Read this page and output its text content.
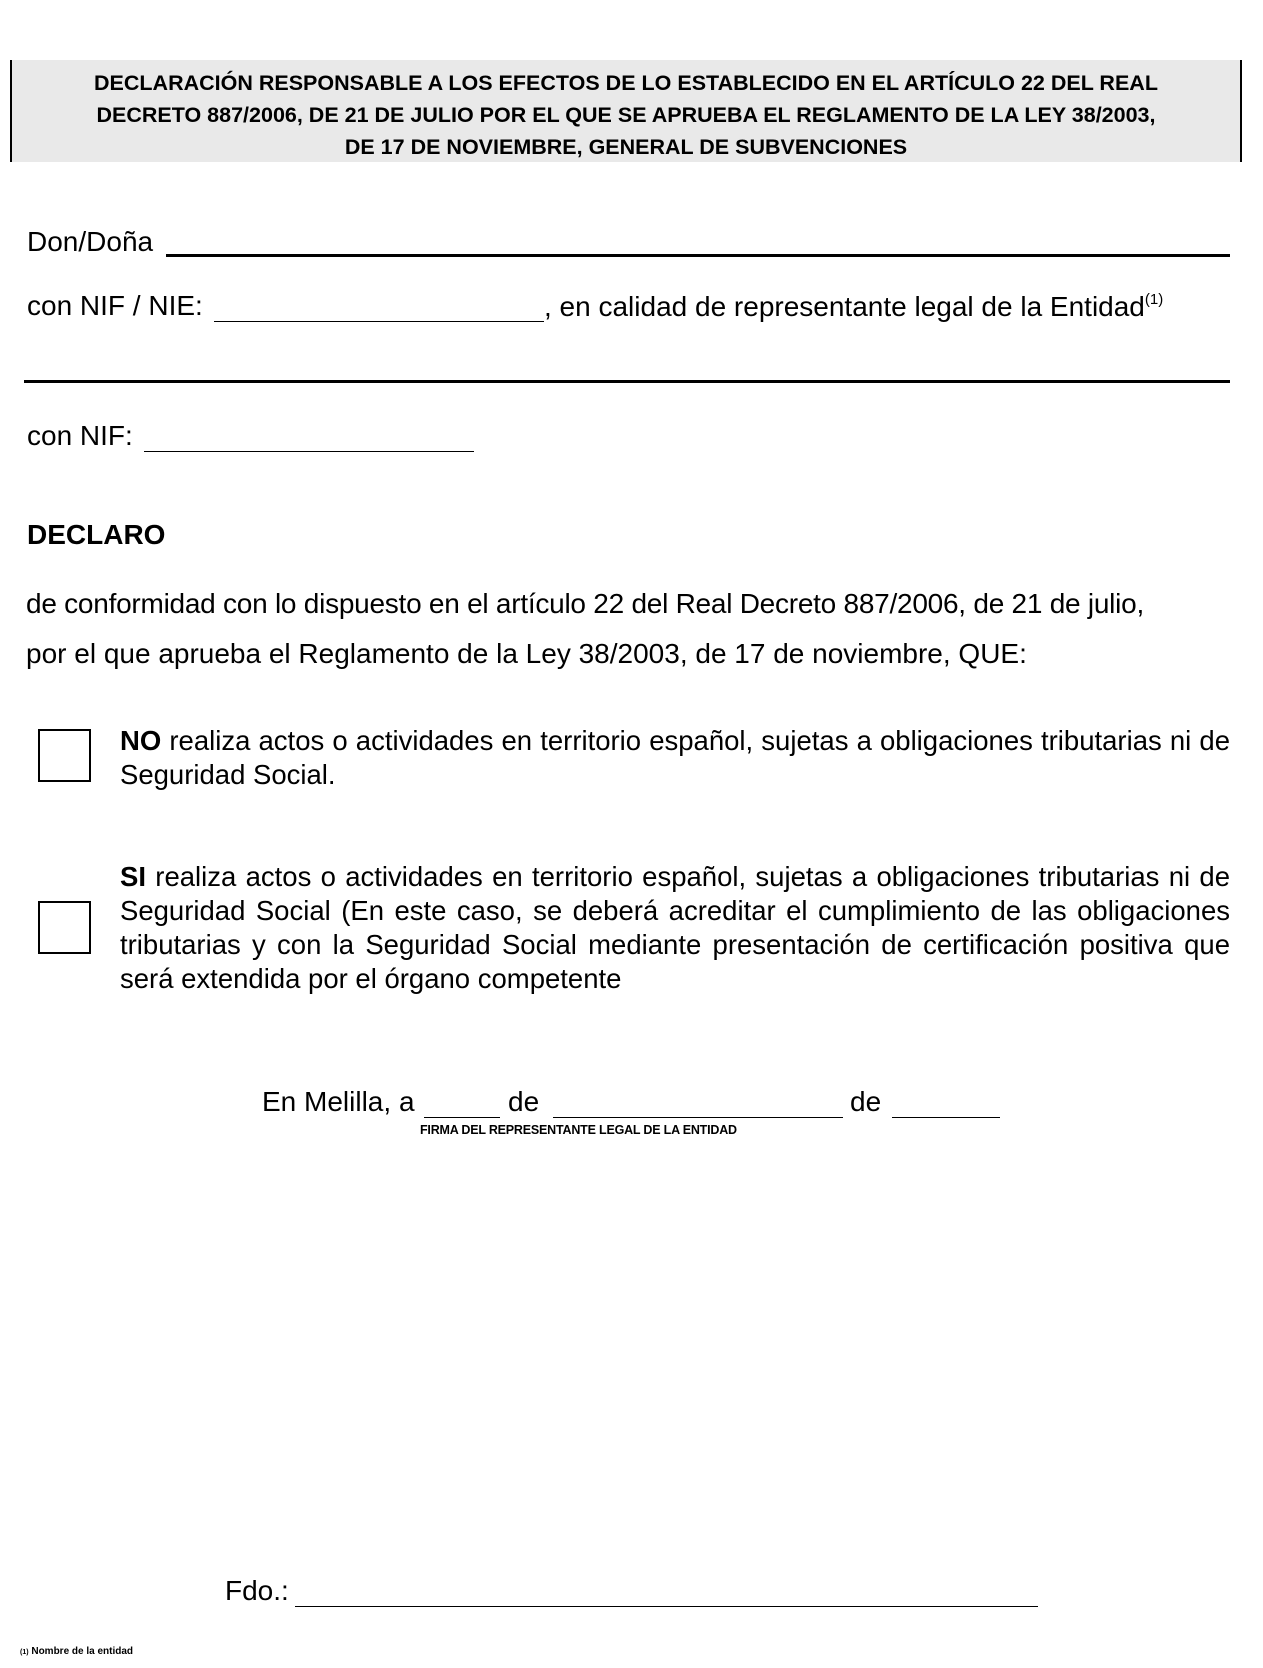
DECLARACIÓN RESPONSABLE A LOS EFECTOS DE LO ESTABLECIDO EN EL ARTÍCULO 22 DEL REAL
DECRETO 887/2006, DE 21 DE JULIO POR EL QUE SE APRUEBA EL REGLAMENTO DE LA LEY 38/2003,
DE 17 DE NOVIEMBRE, GENERAL DE SUBVENCIONES
Don/Doña
con NIF / NIE:	, en calidad de representante legal de la Entidad$^{(1)}$
con NIF:
DECLARO
de conformidad con lo dispuesto en el artículo 22 del Real Decreto 887/2006, de 21 de julio,
por el que aprueba el Reglamento de la Ley 38/2003, de 17 de noviembre, QUE:
NO realiza actos o actividades en territorio español, sujetas a obligaciones tributarias ni de Seguridad Social.
SI realiza actos o actividades en territorio español, sujetas a obligaciones tributarias ni de Seguridad Social (En este caso, se deberá acreditar el cumplimiento de las obligaciones tributarias y con la Seguridad Social mediante presentación de certificación positiva que será extendida por el órgano competente
En Melilla, a	de	de
FIRMA DEL REPRESENTANTE LEGAL DE LA ENTIDAD
Fdo.:
(1) Nombre de la entidad
